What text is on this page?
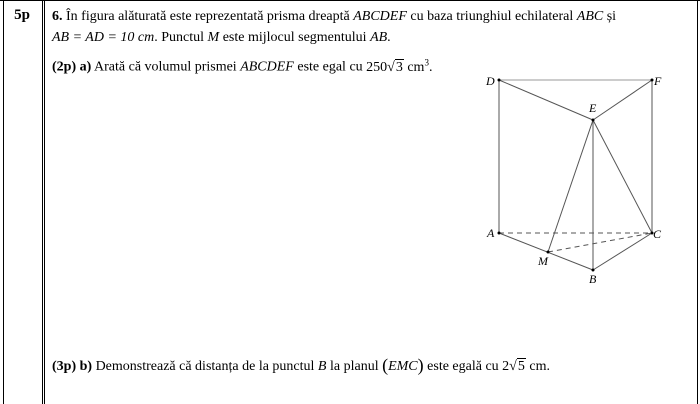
5p	6. În figura alăturată este reprezentată prisma dreaptă ABCDEF cu baza triunghiul echilateral ABC și
AB = AD = 10 cm. Punctul M este mijlocul segmentului AB.
(2p) a) Arată că volumul prismei ABCDEF este egal cu 250√3 $cm^3$.
(3p) b) Demonstrează că distanța de la punctul B la planul (EMC) este egală cu 2√5 cm.
D
E
F
A
M
B
C
